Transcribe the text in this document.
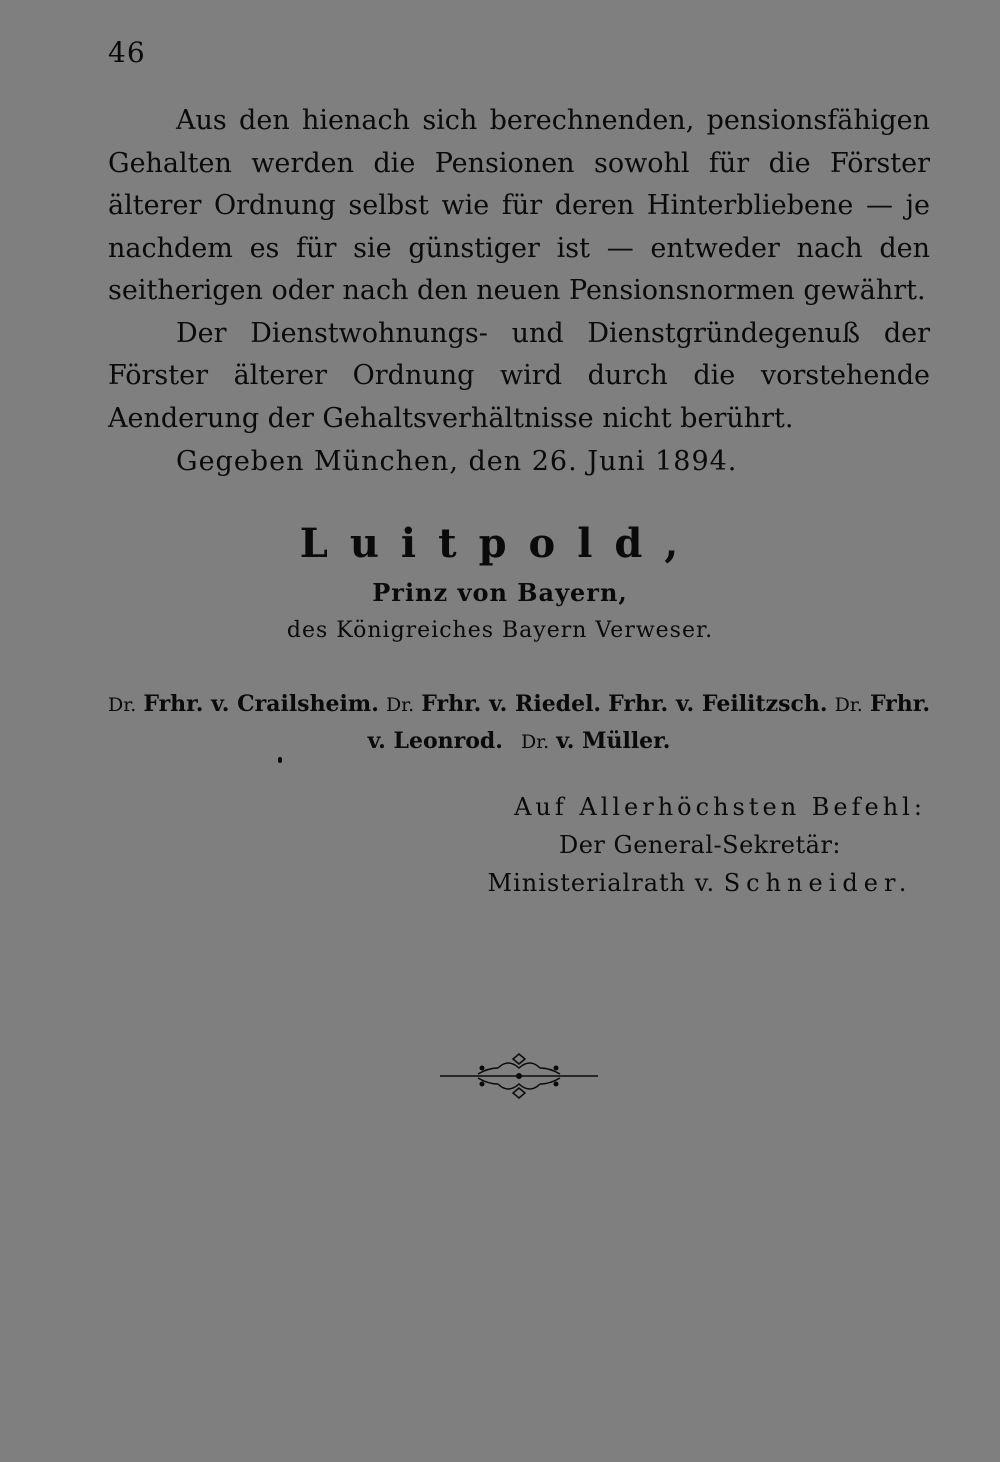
46

Aus den hienach sich berechnenden, pensionsfähigen Gehalten werden die Pensionen sowohl für die Förster älterer Ordnung selbst wie für deren Hinterbliebene — je nachdem es für sie günstiger ist — entweder nach den seitherigen oder nach den neuen Pensionsnormen gewährt.

Der Dienstwohnungs- und Dienstgründegenuß der Förster älterer Ordnung wird durch die vorstehende Aenderung der Gehaltsverhältnisse nicht berührt.

Gegeben München, den 26. Juni 1894.
Luitpold,
Prinz von Bayern,
des Königreiches Bayern Verweser.
Dr. Frhr. v. Crailsheim. Dr. Frhr. v. Riedel. Frhr. v. Feilitzsch. Dr. Frhr.
v. Leonrod. Dr. v. Müller.
Auf Allerhöchsten Befehl:
Der General-Sekretär:
Ministerialrath v. Schneider.
